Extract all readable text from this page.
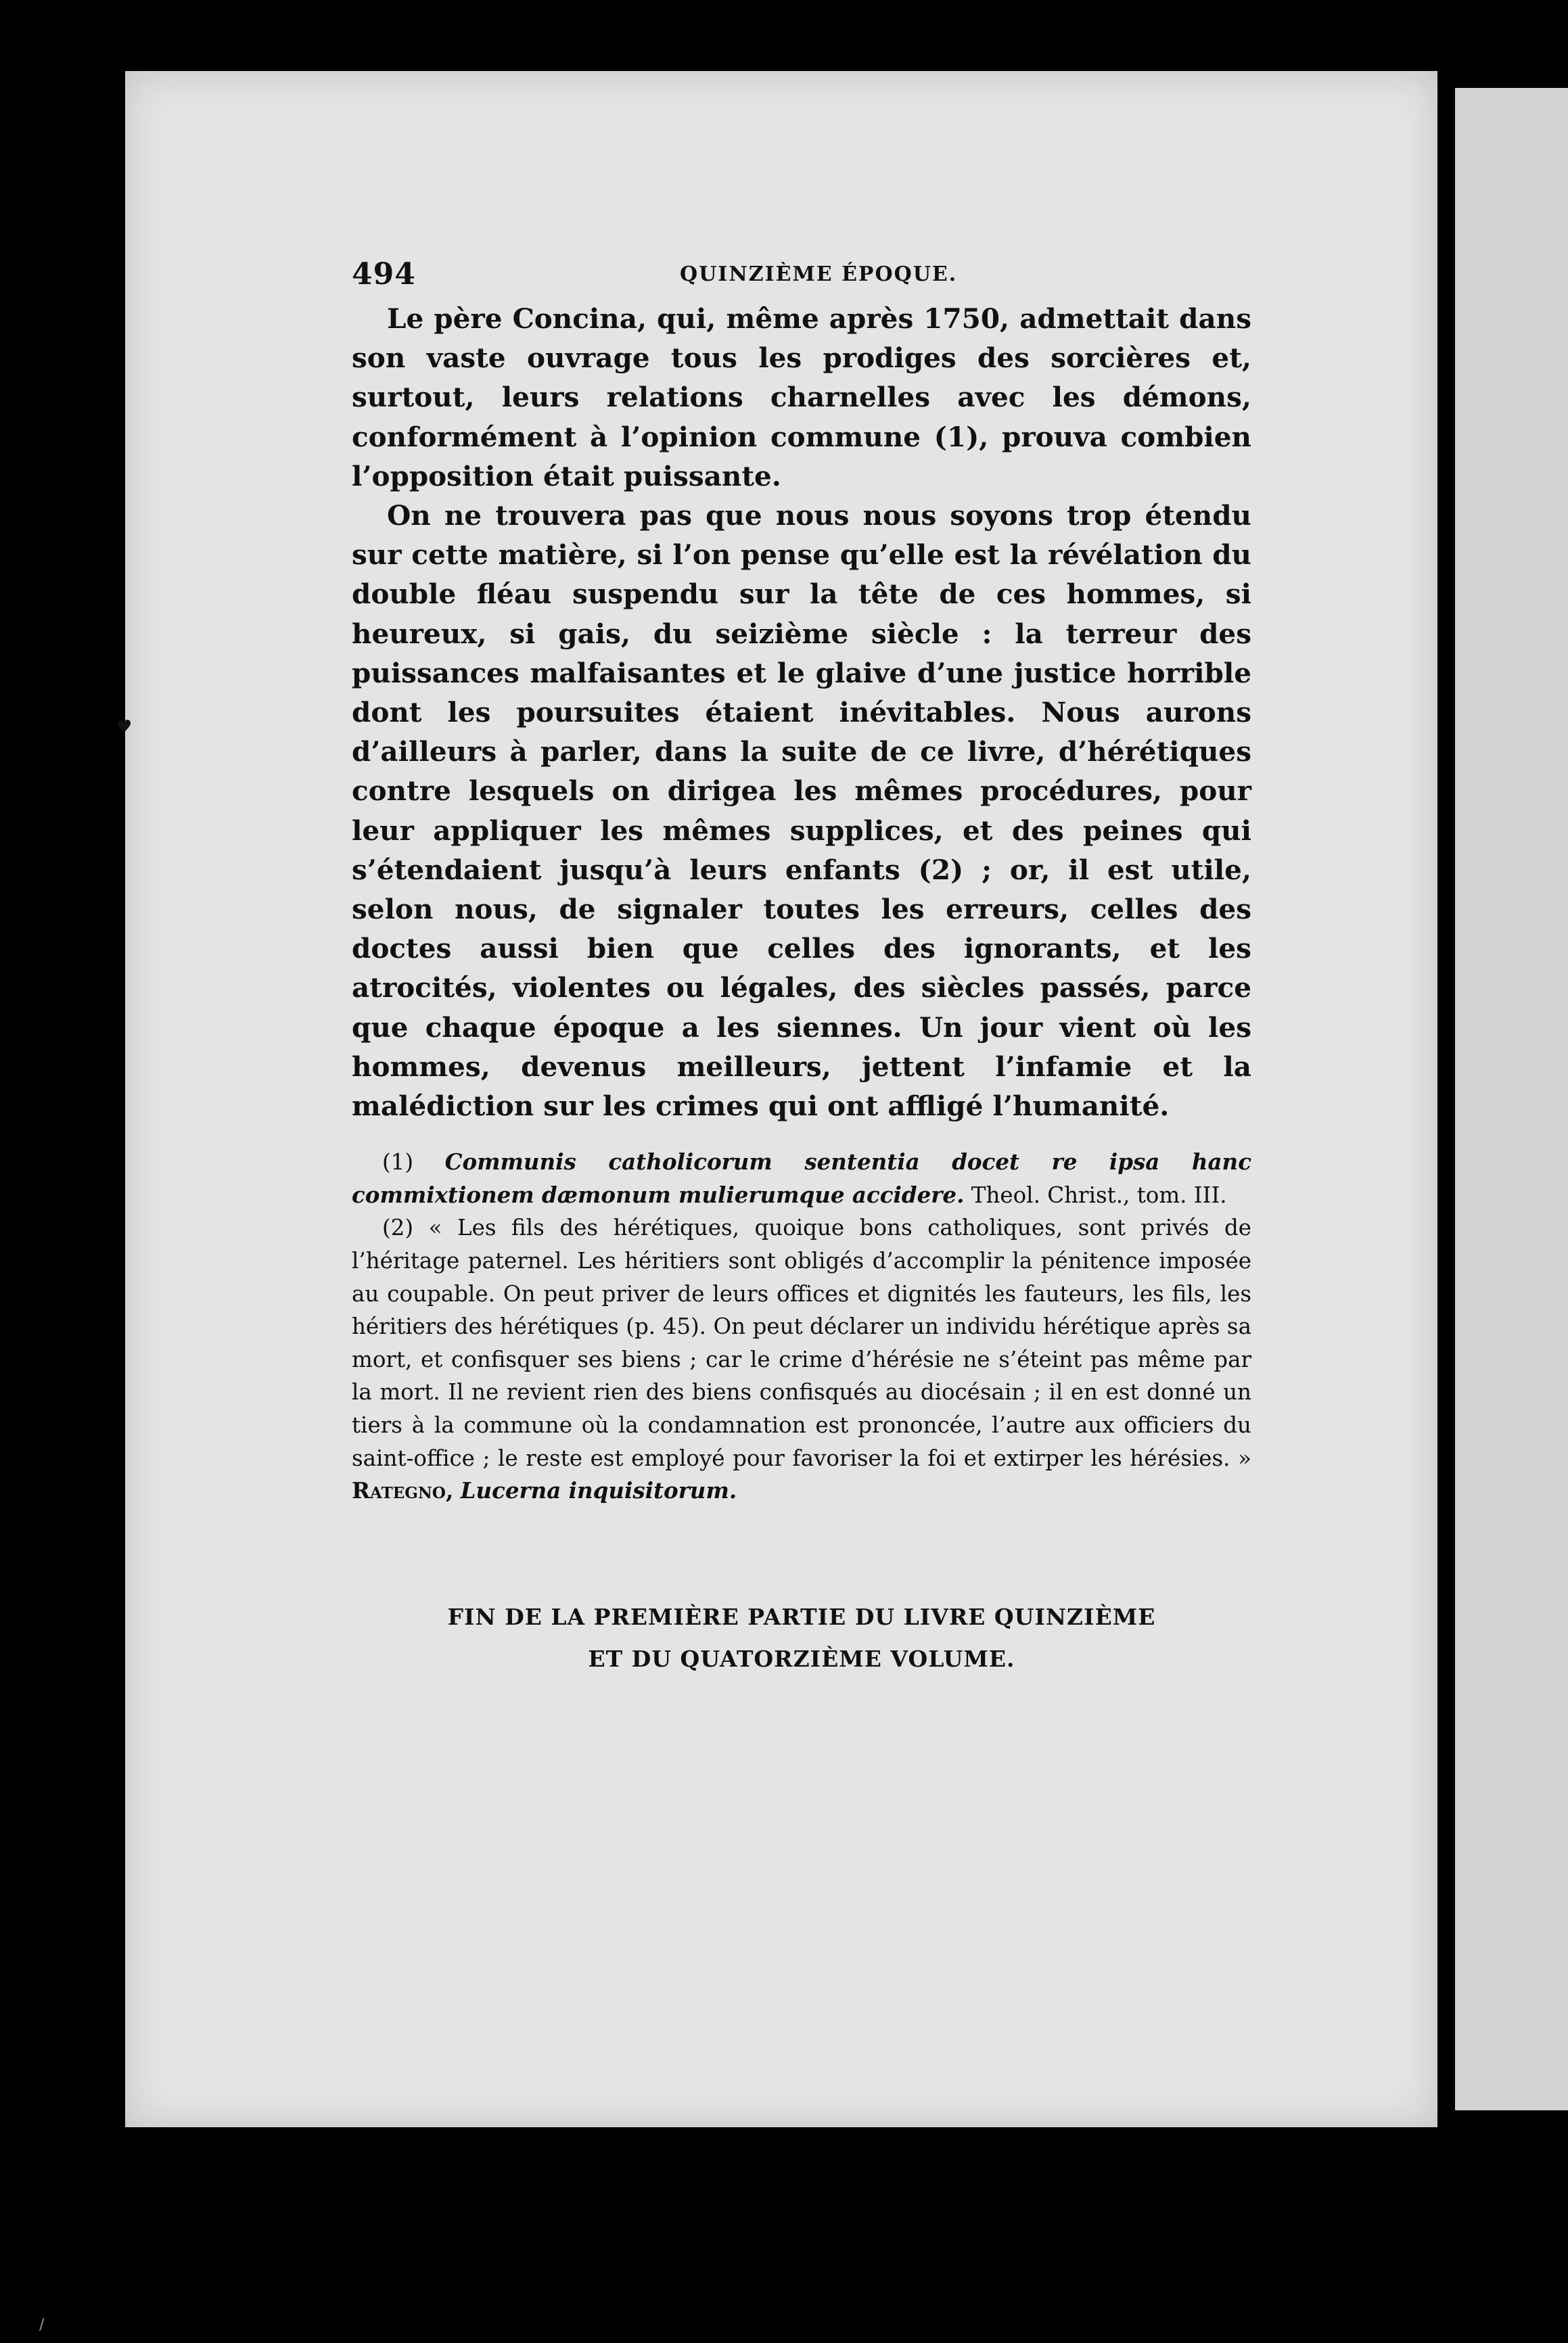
♥
/
494	QUINZIÈME ÉPOQUE.

Le père Concina, qui, même après 1750, admettait dans son vaste ouvrage tous les prodiges des sorcières et, surtout, leurs relations charnelles avec les démons, conformément à l’opinion commune (1), prouva combien l’opposition était puissante.

On ne trouvera pas que nous nous soyons trop étendu sur cette matière, si l’on pense qu’elle est la révélation du double fléau suspendu sur la tête de ces hommes, si heureux, si gais, du seizième siècle : la terreur des puissances malfaisantes et le glaive d’une justice horrible dont les poursuites étaient inévitables. Nous aurons d’ailleurs à parler, dans la suite de ce livre, d’hérétiques contre lesquels on dirigea les mêmes procédures, pour leur appliquer les mêmes supplices, et des peines qui s’étendaient jusqu’à leurs enfants (2) ; or, il est utile, selon nous, de signaler toutes les erreurs, celles des doctes aussi bien que celles des ignorants, et les atrocités, violentes ou légales, des siècles passés, parce que chaque époque a les siennes. Un jour vient où les hommes, devenus meilleurs, jettent l’infamie et la malédiction sur les crimes qui ont affligé l’humanité.

(1) Communis catholicorum sententia docet re ipsa hanc commixtionem dæmonum mulierumque accidere. Theol. Christ., tom. III.

(2) « Les fils des hérétiques, quoique bons catholiques, sont privés de l’héritage paternel. Les héritiers sont obligés d’accomplir la pénitence imposée au coupable. On peut priver de leurs offices et dignités les fauteurs, les fils, les héritiers des hérétiques (p. 45). On peut déclarer un individu hérétique après sa mort, et confisquer ses biens ; car le crime d’hérésie ne s’éteint pas même par la mort. Il ne revient rien des biens confisqués au diocésain ; il en est donné un tiers à la commune où la condamnation est prononcée, l’autre aux officiers du saint-office ; le reste est employé pour favoriser la foi et extirper les hérésies. » Rategno, Lucerna inquisitorum.

FIN DE LA PREMIÈRE PARTIE DU LIVRE QUINZIÈME
ET DU QUATORZIÈME VOLUME.
